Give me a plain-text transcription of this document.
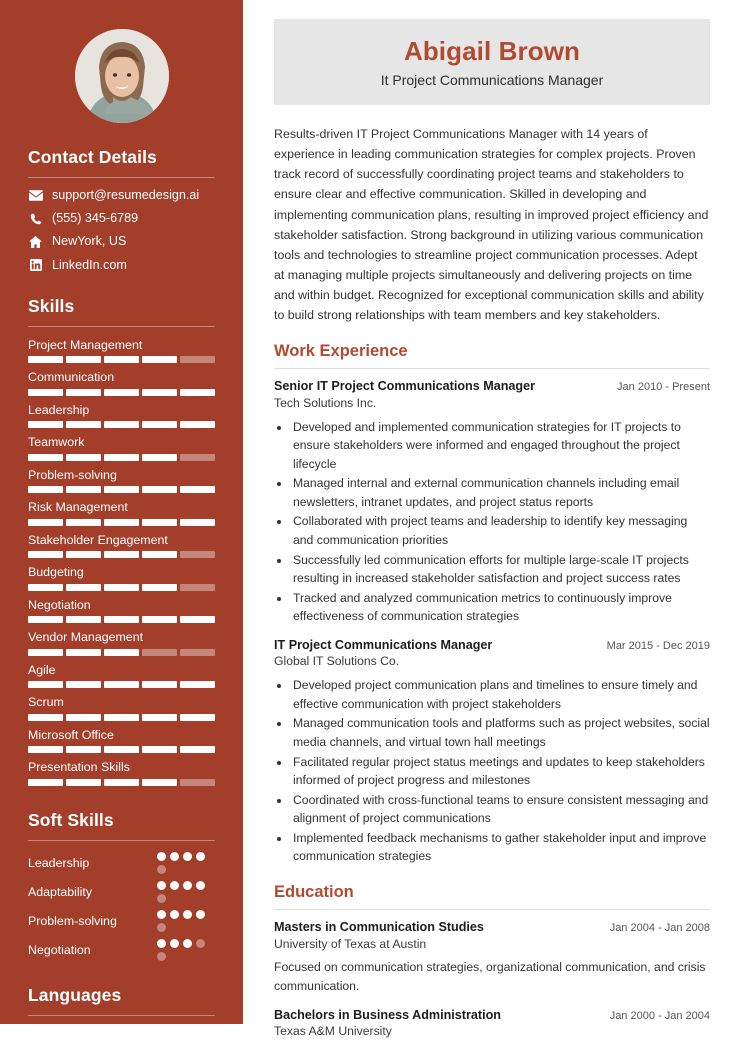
Contact Details
support@resumedesign.ai
(555) 345-6789
NewYork, US
LinkedIn.com
Skills
Project Management
Communication
Leadership
Teamwork
Problem-solving
Risk Management
Stakeholder Engagement
Budgeting
Negotiation
Vendor Management
Agile
Scrum
Microsoft Office
Presentation Skills
Soft Skills
Leadership
Adaptability
Problem-solving
Negotiation
Languages
English	Spanish
Abigail Brown
It Project Communications Manager

Results-driven IT Project Communications Manager with 14 years of experience in leading communication strategies for complex projects. Proven track record of successfully coordinating project teams and stakeholders to ensure clear and effective communication. Skilled in developing and implementing communication plans, resulting in improved project efficiency and stakeholder satisfaction. Strong background in utilizing various communication tools and technologies to streamline project communication processes. Adept at managing multiple projects simultaneously and delivering projects on time and within budget. Recognized for exceptional communication skills and ability to build strong relationships with team members and key stakeholders.

Work Experience
Senior IT Project Communications Manager	Jan 2010 - Present
Tech Solutions Inc.
• Developed and implemented communication strategies for IT projects to ensure stakeholders were informed and engaged throughout the project lifecycle
• Managed internal and external communication channels including email newsletters, intranet updates, and project status reports
• Collaborated with project teams and leadership to identify key messaging and communication priorities
• Successfully led communication efforts for multiple large-scale IT projects resulting in increased stakeholder satisfaction and project success rates
• Tracked and analyzed communication metrics to continuously improve effectiveness of communication strategies
IT Project Communications Manager	Mar 2015 - Dec 2019
Global IT Solutions Co.
• Developed project communication plans and timelines to ensure timely and effective communication with project stakeholders
• Managed communication tools and platforms such as project websites, social media channels, and virtual town hall meetings
• Facilitated regular project status meetings and updates to keep stakeholders informed of project progress and milestones
• Coordinated with cross-functional teams to ensure consistent messaging and alignment of project communications
• Implemented feedback mechanisms to gather stakeholder input and improve communication strategies
Education
Masters in Communication Studies	Jan 2004 - Jan 2008
University of Texas at Austin
Focused on communication strategies, organizational communication, and crisis communication.
Bachelors in Business Administration	Jan 2000 - Jan 2004
Texas A&M University
